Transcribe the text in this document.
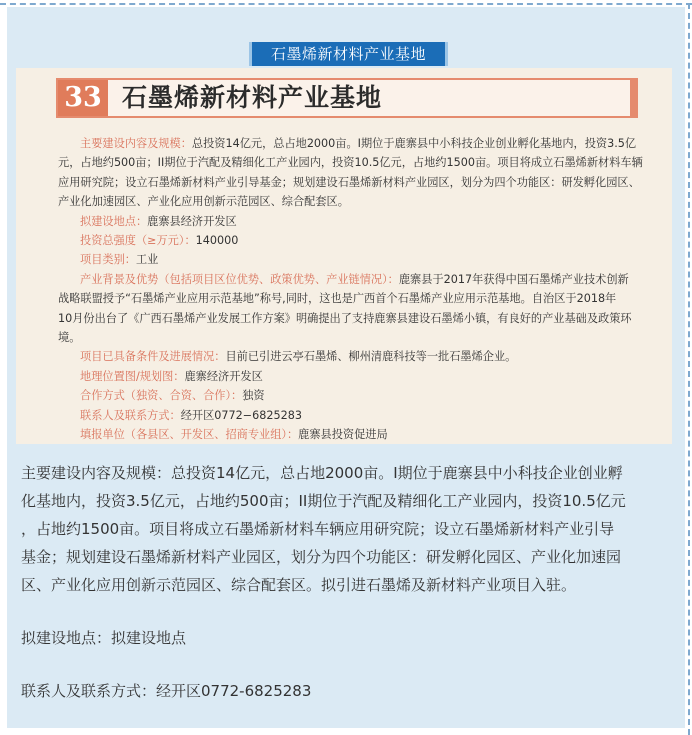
石墨烯新材料产业基地
33 石墨烯新材料产业基地
主要建设内容及规模：总投资14亿元，总占地2000亩。I期位于鹿寨县中小科技企业创业孵化基地内，投资3.5亿
元，占地约500亩；II期位于汽配及精细化工产业园内，投资10.5亿元，占地约1500亩。项目将成立石墨烯新材料车辆
应用研究院；设立石墨烯新材料产业引导基金；规划建设石墨烯新材料产业园区，划分为四个功能区：研发孵化园区、
产业化加速园区、产业化应用创新示范园区、综合配套区。
拟建设地点：鹿寨县经济开发区
投资总强度（≥万元）：140000
项目类别：工业
产业背景及优势（包括项目区位优势、政策优势、产业链情况）：鹿寨县于2017年获得中国石墨烯产业技术创新
战略联盟授予“石墨烯产业应用示范基地”称号,同时，这也是广西首个石墨烯产业应用示范基地。自治区于2018年
10月份出台了《广西石墨烯产业发展工作方案》明确提出了支持鹿寨县建设石墨烯小镇，有良好的产业基础及政策环
境。
项目已具备条件及进展情况：目前已引进云亭石墨烯、柳州清鹿科技等一批石墨烯企业。
地理位置图/规划图：鹿寨经济开发区
合作方式（独资、合资、合作）：独资
联系人及联系方式：经开区0772−6825283
填报单位（各县区、开发区、招商专业组）：鹿寨县投资促进局
主要建设内容及规模：总投资14亿元，总占地2000亩。I期位于鹿寨县中小科技企业创业孵
化基地内，投资3.5亿元，占地约500亩；II期位于汽配及精细化工产业园内，投资10.5亿元
，占地约1500亩。项目将成立石墨烯新材料车辆应用研究院；设立石墨烯新材料产业引导
基金；规划建设石墨烯新材料产业园区，划分为四个功能区：研发孵化园区、产业化加速园
区、产业化应用创新示范园区、综合配套区。拟引进石墨烯及新材料产业项目入驻。
拟建设地点：拟建设地点
联系人及联系方式：经开区0772-6825283
